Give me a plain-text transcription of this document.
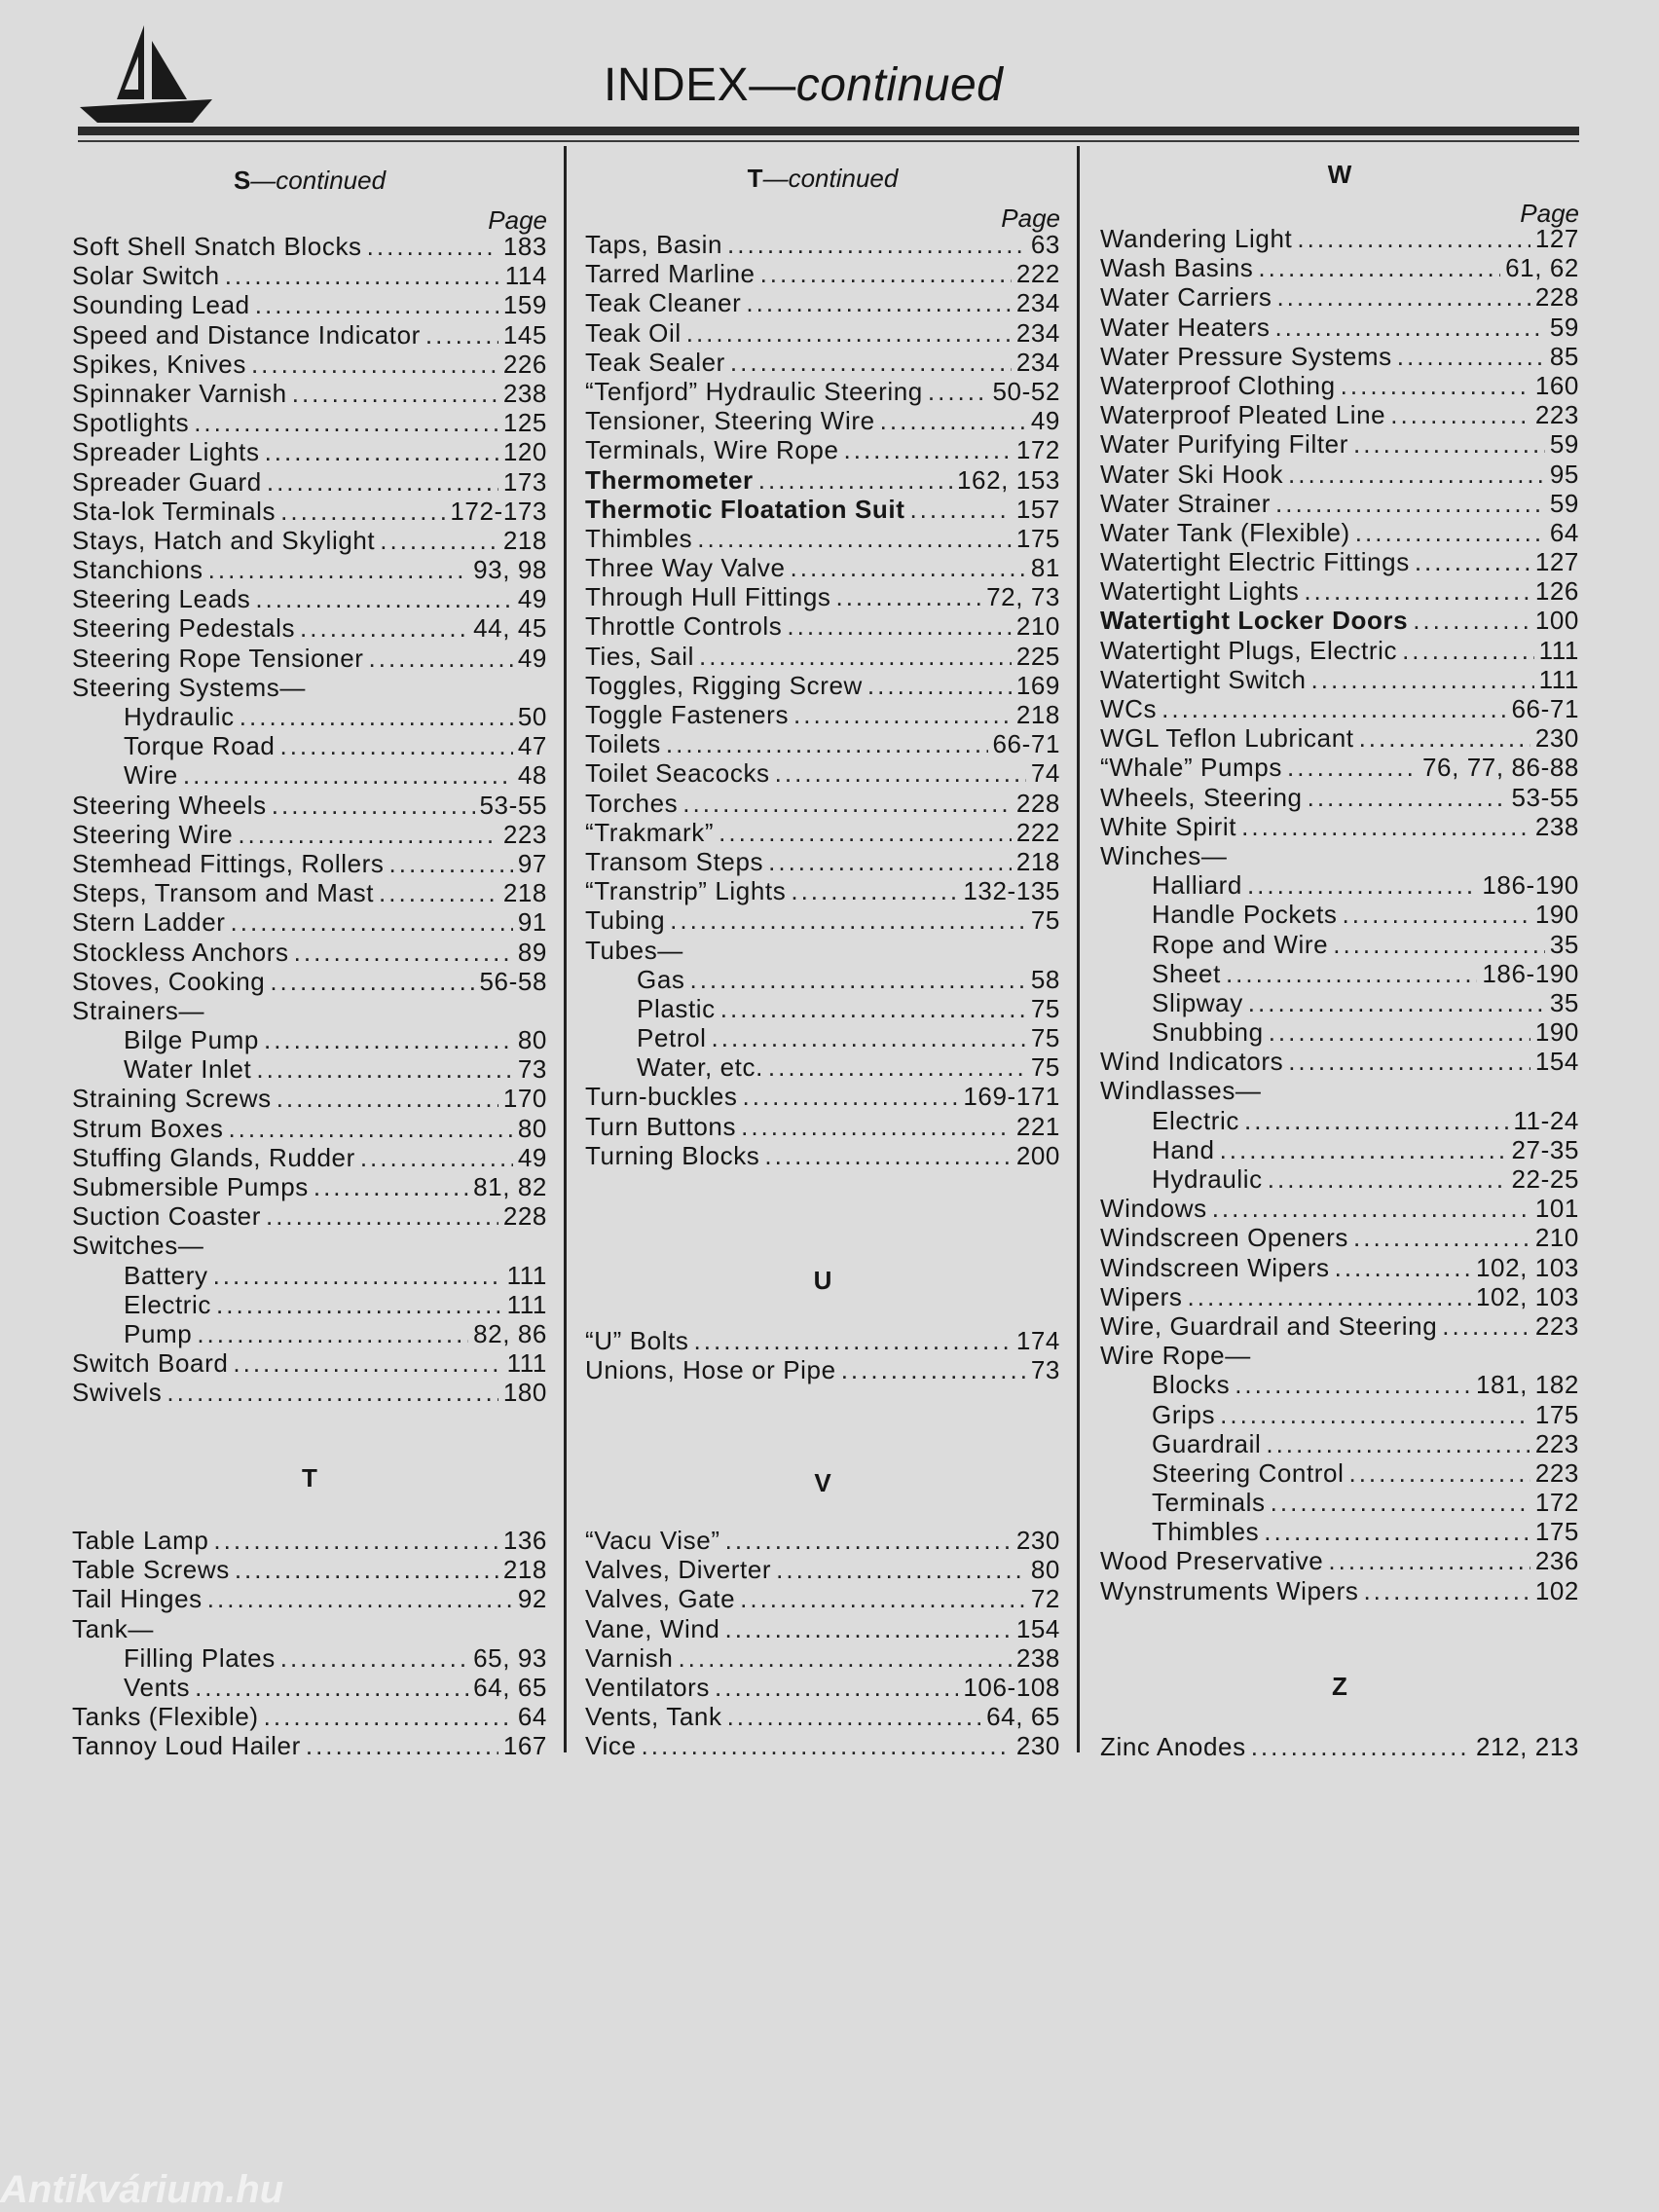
INDEX—continued
S—continued
Page
Soft Shell Snatch Blocks .....	183
Solar Switch .....	114
Sounding Lead .....	159
Speed and Distance Indicator .....	145
Spikes, Knives .....	226
Spinnaker Varnish .....	238
Spotlights .....	125
Spreader Lights .....	120
Spreader Guard .....	173
Sta-lok Terminals .....	172-173
Stays, Hatch and Skylight .....	218
Stanchions .....	93, 98
Steering Leads .....	49
Steering Pedestals .....	44, 45
Steering Rope Tensioner .....	49
Steering Systems—
Hydraulic .....	50
Torque Road .....	47
Wire .....	48
Steering Wheels .....	53-55
Steering Wire .....	223
Stemhead Fittings, Rollers .....	97
Steps, Transom and Mast .....	218
Stern Ladder .....	91
Stockless Anchors .....	89
Stoves, Cooking .....	56-58
Strainers—
Bilge Pump .....	80
Water Inlet .....	73
Straining Screws .....	170
Strum Boxes .....	80
Stuffing Glands, Rudder .....	49
Submersible Pumps .....	81, 82
Suction Coaster .....	228
Switches—
Battery .....	111
Electric .....	111
Pump .....	82, 86
Switch Board .....	111
Swivels .....	180
T
Table Lamp .....	136
Table Screws .....	218
Tail Hinges .....	92
Tank—
Filling Plates .....	65, 93
Vents .....	64, 65
Tanks (Flexible) .....	64
Tannoy Loud Hailer .....	167
T—continued
Page
Taps, Basin .....	63
Tarred Marline .....	222
Teak Cleaner .....	234
Teak Oil .....	234
Teak Sealer .....	234
“Tenfjord” Hydraulic Steering .....	50-52
Tensioner, Steering Wire .....	49
Terminals, Wire Rope .....	172
Thermometer .....	162, 153
Thermotic Floatation Suit .....	157
Thimbles .....	175
Three Way Valve .....	81
Through Hull Fittings .....	72, 73
Throttle Controls .....	210
Ties, Sail .....	225
Toggles, Rigging Screw .....	169
Toggle Fasteners .....	218
Toilets .....	66-71
Toilet Seacocks .....	74
Torches .....	228
“Trakmark” .....	222
Transom Steps .....	218
“Transtrip” Lights .....	132-135
Tubing .....	75
Tubes—
Gas .....	58
Plastic .....	75
Petrol .....	75
Water, etc. .....	75
Turn-buckles .....	169-171
Turn Buttons .....	221
Turning Blocks .....	200
U
“U” Bolts .....	174
Unions, Hose or Pipe .....	73
V
“Vacu Vise” .....	230
Valves, Diverter .....	80
Valves, Gate .....	72
Vane, Wind .....	154
Varnish .....	238
Ventilators .....	106-108
Vents, Tank .....	64, 65
Vice .....	230
W
Page
Wandering Light .....	127
Wash Basins .....	61, 62
Water Carriers .....	228
Water Heaters .....	59
Water Pressure Systems .....	85
Waterproof Clothing .....	160
Waterproof Pleated Line .....	223
Water Purifying Filter .....	59
Water Ski Hook .....	95
Water Strainer .....	59
Water Tank (Flexible) .....	64
Watertight Electric Fittings .....	127
Watertight Lights .....	126
Watertight Locker Doors .....	100
Watertight Plugs, Electric .....	111
Watertight Switch .....	111
WCs .....	66-71
WGL Teflon Lubricant .....	230
“Whale” Pumps .....	76, 77, 86-88
Wheels, Steering .....	53-55
White Spirit .....	238
Winches—
Halliard .....	186-190
Handle Pockets .....	190
Rope and Wire .....	35
Sheet .....	186-190
Slipway .....	35
Snubbing .....	190
Wind Indicators .....	154
Windlasses—
Electric .....	11-24
Hand .....	27-35
Hydraulic .....	22-25
Windows .....	101
Windscreen Openers .....	210
Windscreen Wipers .....	102, 103
Wipers .....	102, 103
Wire, Guardrail and Steering .....	223
Wire Rope—
Blocks .....	181, 182
Grips .....	175
Guardrail .....	223
Steering Control .....	223
Terminals .....	172
Thimbles .....	175
Wood Preservative .....	236
Wynstruments Wipers .....	102
Z
Zinc Anodes .....	212, 213
Antikvárium.hu
